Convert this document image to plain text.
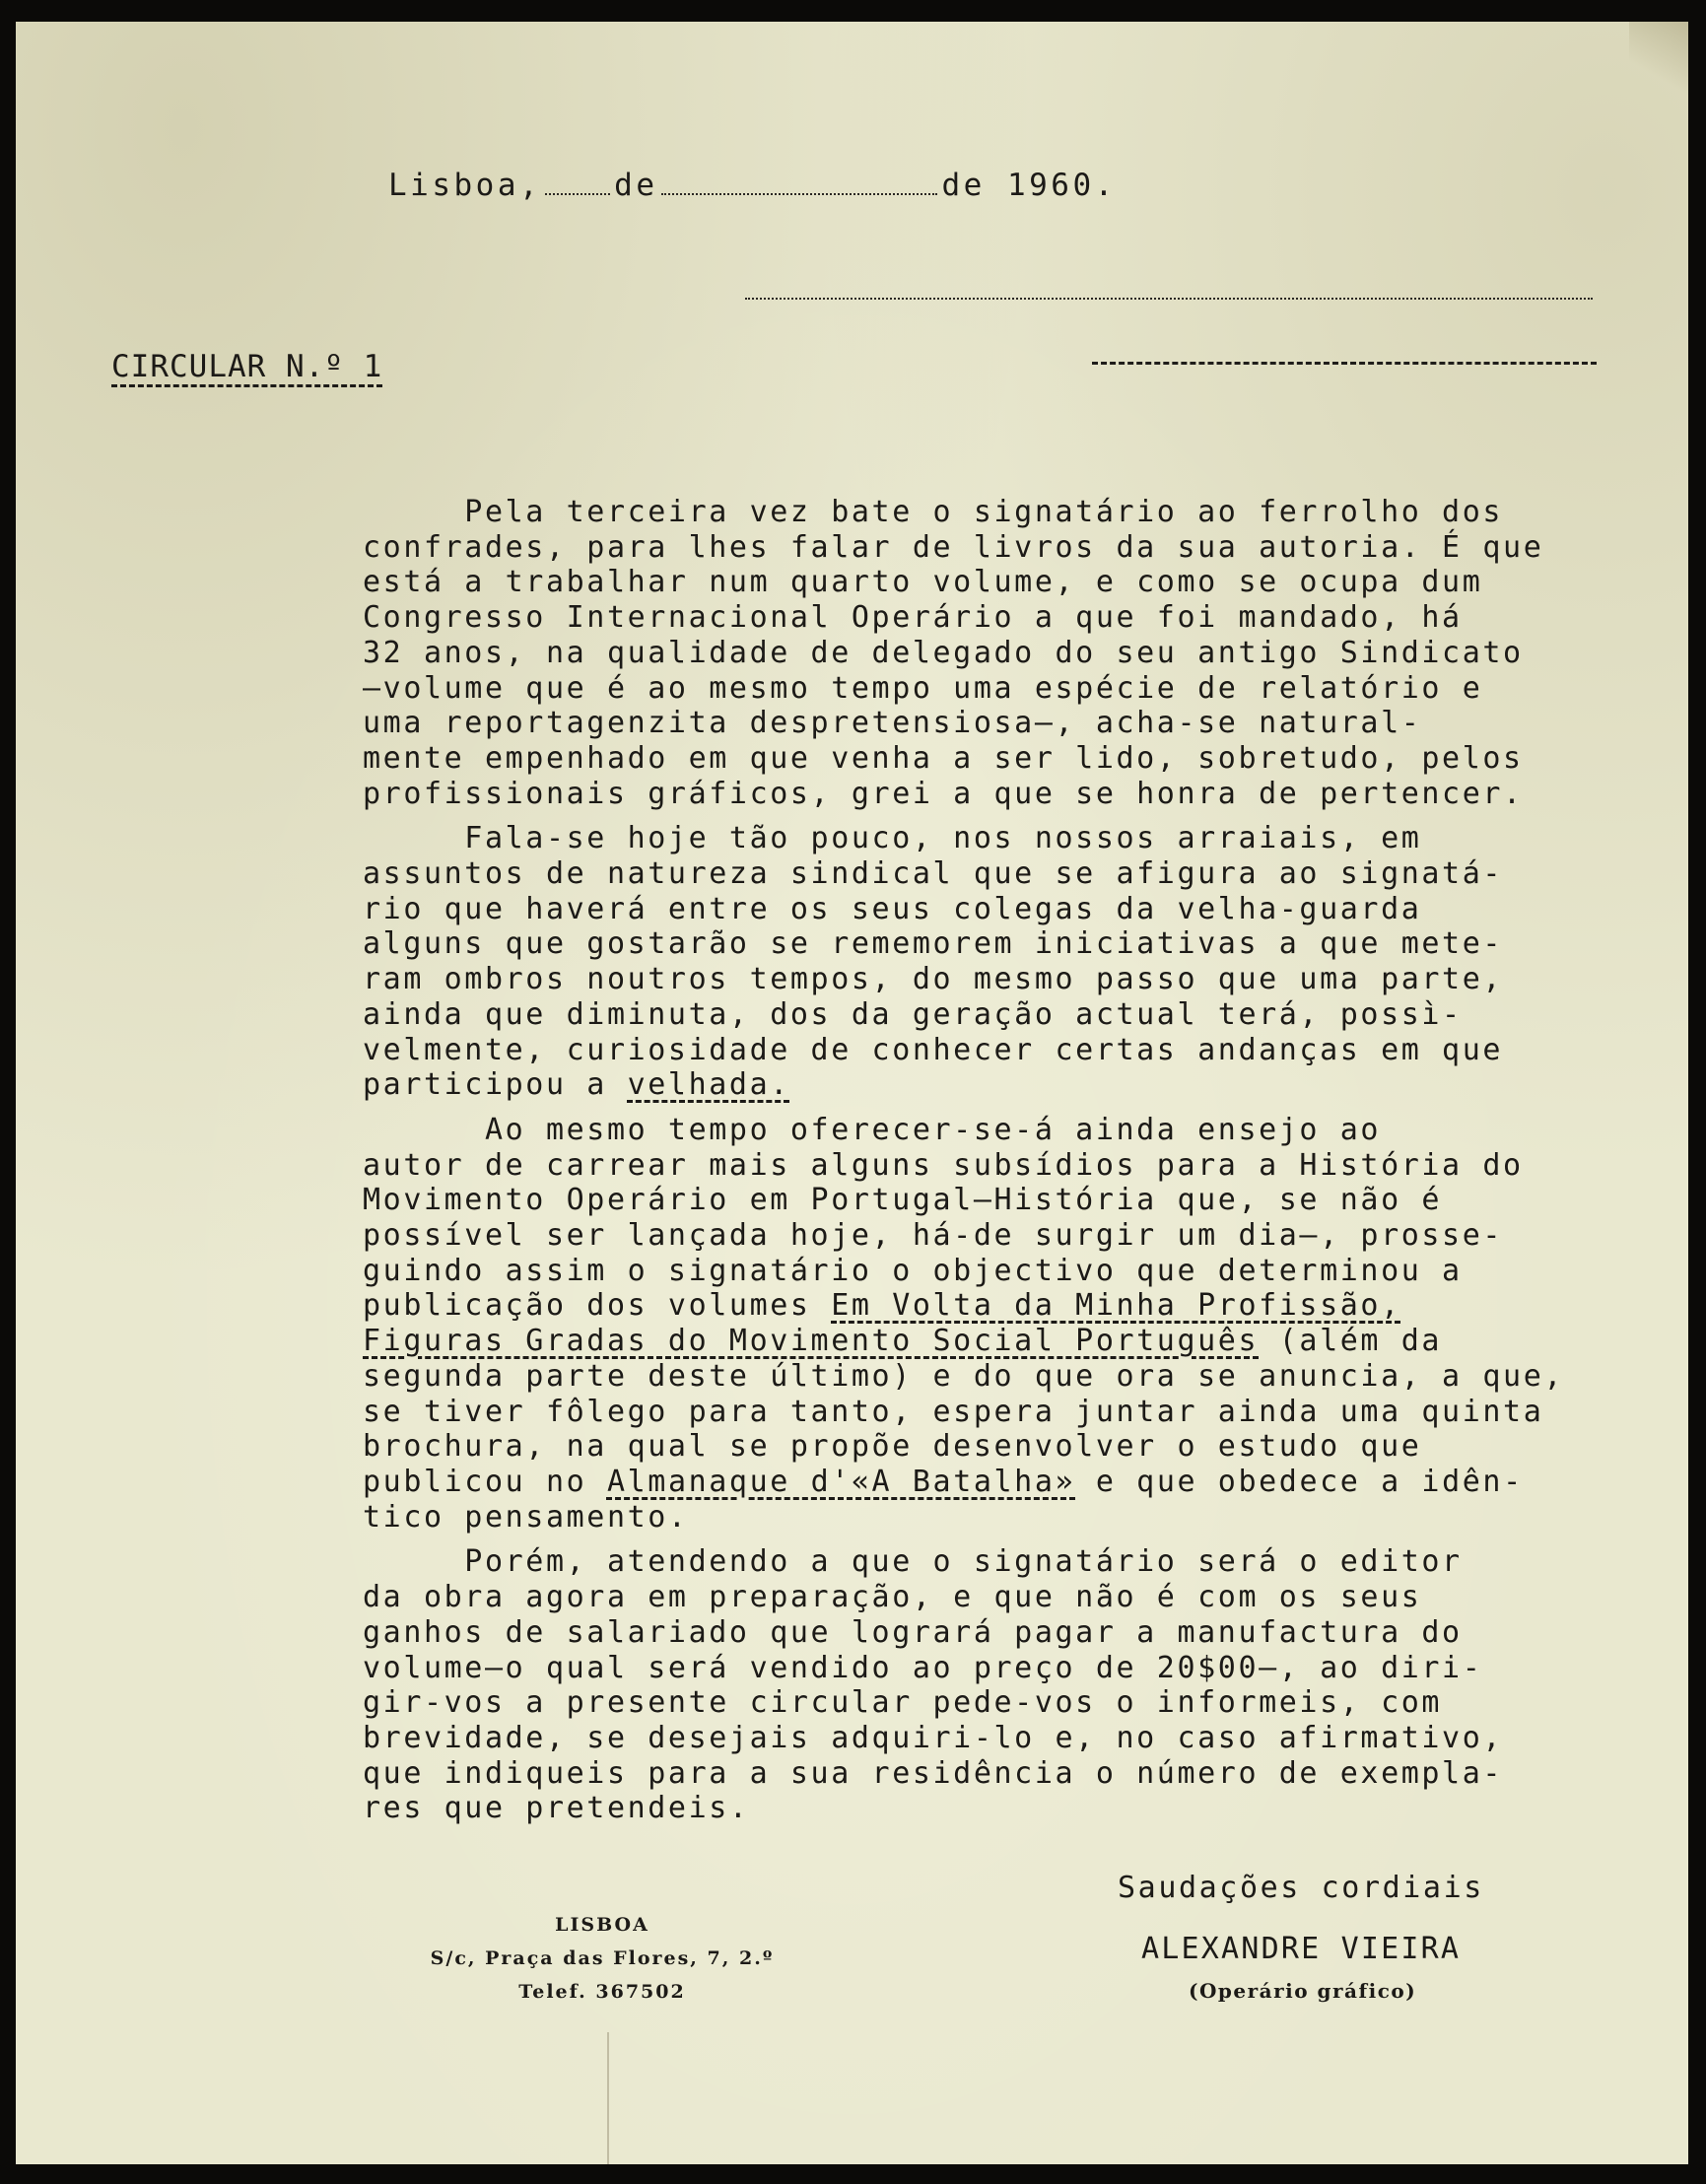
Lisboa, de	de 1960.
CIRCULAR N.º 1
Pela terceira vez bate o signatário ao ferrolho dos
confrades, para lhes falar de livros da sua autoria. É que
está a trabalhar num quarto volume, e como se ocupa dum
Congresso Internacional Operário a que foi mandado, há
32 anos, na qualidade de delegado do seu antigo Sindicato
—volume que é ao mesmo tempo uma espécie de relatório e
uma reportagenzita despretensiosa—, acha-se natural-
mente empenhado em que venha a ser lido, sobretudo, pelos
profissionais gráficos, grei a que se honra de pertencer.
Fala-se hoje tão pouco, nos nossos arraiais, em
assuntos de natureza sindical que se afigura ao signatá-
rio que haverá entre os seus colegas da velha-guarda
alguns que gostarão se rememorem iniciativas a que mete-
ram ombros noutros tempos, do mesmo passo que uma parte,
ainda que diminuta, dos da geração actual terá, possì-
velmente, curiosidade de conhecer certas andanças em que
participou a velhada.
Ao mesmo tempo oferecer-se-á ainda ensejo ao
autor de carrear mais alguns subsídios para a História do
Movimento Operário em Portugal—História que, se não é
possível ser lançada hoje, há-de surgir um dia—, prosse-
guindo assim o signatário o objectivo que determinou a
publicação dos volumes Em Volta da Minha Profissão,
Figuras Gradas do Movimento Social Português (além da
segunda parte deste último) e do que ora se anuncia, a que,
se tiver fôlego para tanto, espera juntar ainda uma quinta
brochura, na qual se propõe desenvolver o estudo que
publicou no Almanaque d'«A Batalha» e que obedece a idên-
tico pensamento.
Porém, atendendo a que o signatário será o editor
da obra agora em preparação, e que não é com os seus
ganhos de salariado que logrará pagar a manufactura do
volume—o qual será vendido ao preço de 20$00—, ao diri-
gir-vos a presente circular pede-vos o informeis, com
brevidade, se desejais adquiri-lo e, no caso afirmativo,
que indiqueis para a sua residência o número de exempla-
res que pretendeis.
Saudações cordiais
ALEXANDRE VIEIRA
(Operário gráfico)
LISBOA
S/c, Praça das Flores, 7, 2.º
Telef. 367502
